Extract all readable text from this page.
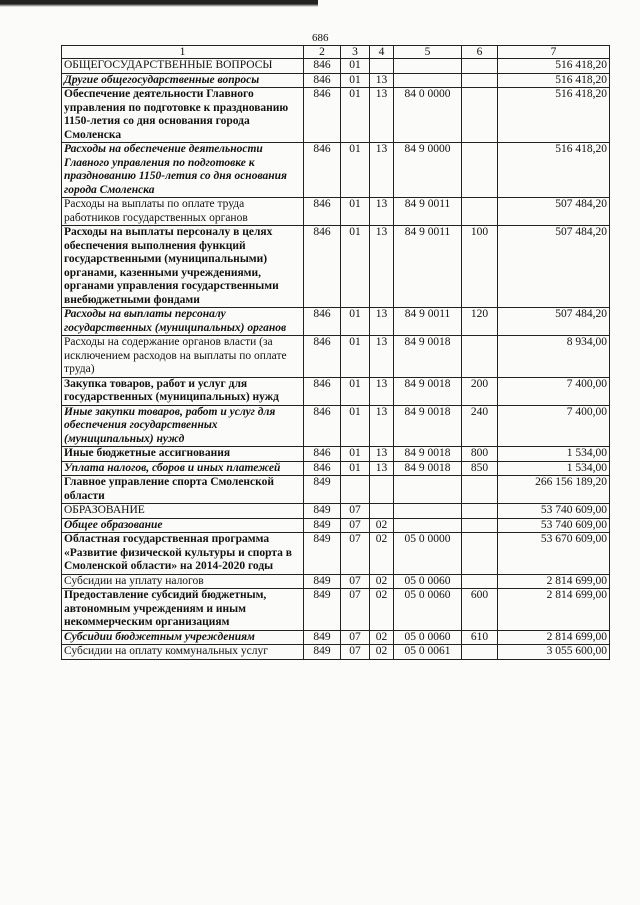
686
1	2	3	4	5	6	7
ОБЩЕГОСУДАРСТВЕННЫЕ ВОПРОСЫ	846	01				516 418,20
Другие общегосударственные вопросы	846	01	13			516 418,20
Обеспечение деятельности Главного управления по подготовке к празднованию 1150-летия со дня основания города Смоленска	846	01	13	84 0 0000		516 418,20
Расходы на обеспечение деятельности Главного управления по подготовке к празднованию 1150-летия со дня основания города Смоленска	846	01	13	84 9 0000		516 418,20
Расходы на выплаты по оплате труда работников государственных органов	846	01	13	84 9 0011		507 484,20
Расходы на выплаты персоналу в целях обеспечения выполнения функций государственными (муниципальными) органами, казенными учреждениями, органами управления государственными внебюджетными фондами	846	01	13	84 9 0011	100	507 484,20
Расходы на выплаты персоналу государственных (муниципальных) органов	846	01	13	84 9 0011	120	507 484,20
Расходы на содержание органов власти (за исключением расходов на выплаты по оплате труда)	846	01	13	84 9 0018		8 934,00
Закупка товаров, работ и услуг для государственных (муниципальных) нужд	846	01	13	84 9 0018	200	7 400,00
Иные закупки товаров, работ и услуг для обеспечения государственных (муниципальных) нужд	846	01	13	84 9 0018	240	7 400,00
Иные бюджетные ассигнования	846	01	13	84 9 0018	800	1 534,00
Уплата налогов, сборов и иных платежей	846	01	13	84 9 0018	850	1 534,00
Главное управление спорта Смоленской области	849					266 156 189,20
ОБРАЗОВАНИЕ	849	07				53 740 609,00
Общее образование	849	07	02			53 740 609,00
Областная государственная программа «Развитие физической культуры и спорта в Смоленской области» на 2014-2020 годы	849	07	02	05 0 0000		53 670 609,00
Субсидии на уплату налогов	849	07	02	05 0 0060		2 814 699,00
Предоставление субсидий бюджетным, автономным учреждениям и иным некоммерческим организациям	849	07	02	05 0 0060	600	2 814 699,00
Субсидии бюджетным учреждениям	849	07	02	05 0 0060	610	2 814 699,00
Субсидии на оплату коммунальных услуг	849	07	02	05 0 0061		3 055 600,00
